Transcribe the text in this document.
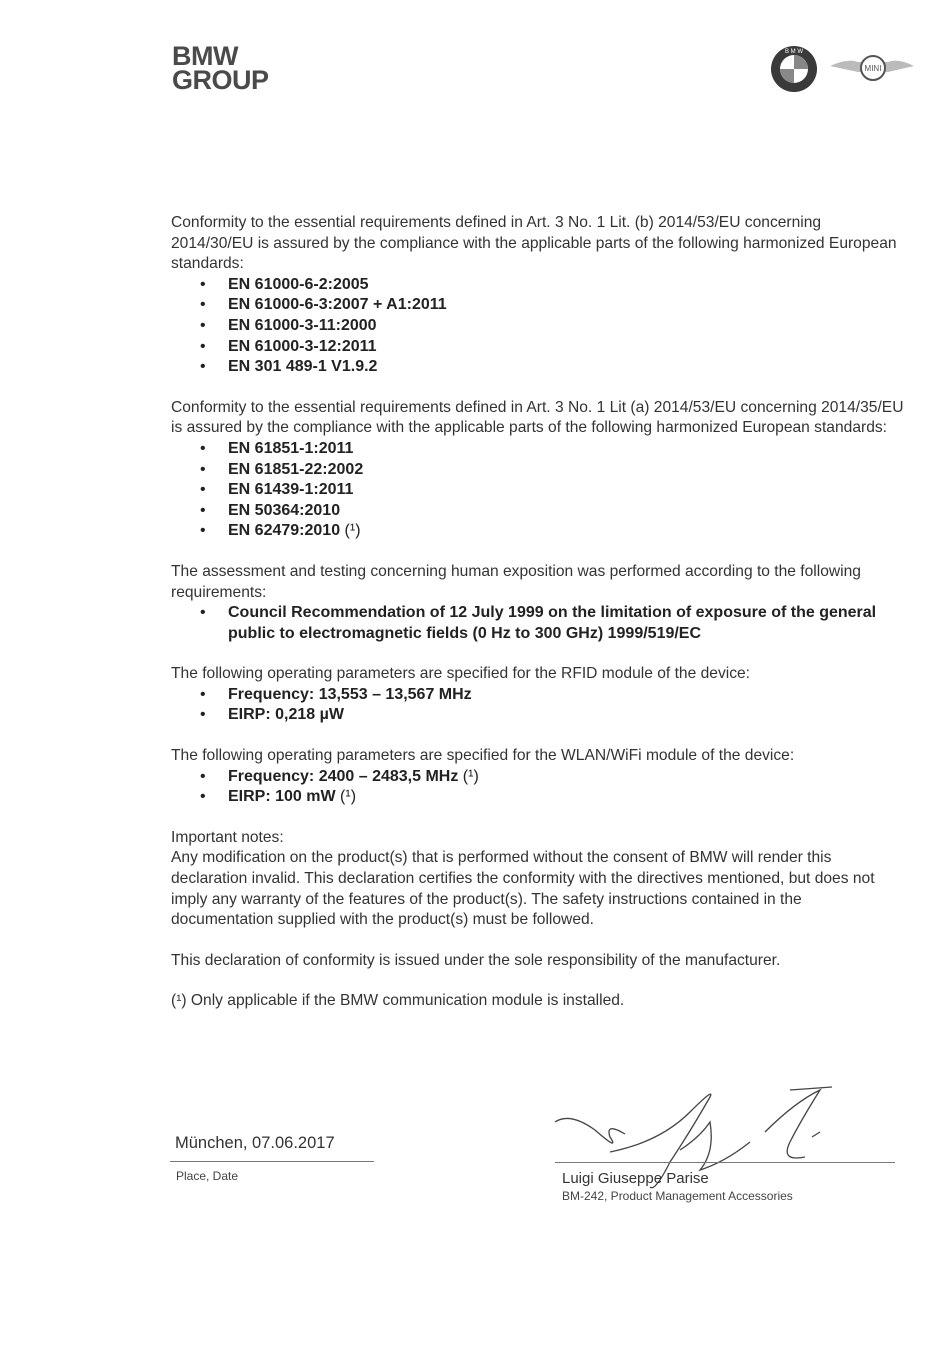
BMW
GROUP
B M W
MINI

Conformity to the essential requirements defined in Art. 3 No. 1 Lit. (b) 2014/53/EU concerning 2014/30/EU is assured by the compliance with the applicable parts of the following harmonized European standards:

• EN 61000-6-2:2005
• EN 61000-6-3:2007 + A1:2011
• EN 61000-3-11:2000
• EN 61000-3-12:2011
• EN 301 489-1 V1.9.2

Conformity to the essential requirements defined in Art. 3 No. 1 Lit (a) 2014/53/EU concerning 2014/35/EU is assured by the compliance with the applicable parts of the following harmonized European standards:

• EN 61851-1:2011
• EN 61851-22:2002
• EN 61439-1:2011
• EN 50364:2010
• EN 62479:2010 (¹)

The assessment and testing concerning human exposition was performed according to the following requirements:

• Council Recommendation of 12 July 1999 on the limitation of exposure of the general public to electromagnetic fields (0 Hz to 300 GHz) 1999/519/EC

The following operating parameters are specified for the RFID module of the device:

• Frequency: 13,553 – 13,567 MHz
• EIRP: 0,218 µW

The following operating parameters are specified for the WLAN/WiFi module of the device:

• Frequency: 2400 – 2483,5 MHz (¹)
• EIRP: 100 mW (¹)

Important notes:

Any modification on the product(s) that is performed without the consent of BMW will render this declaration invalid. This declaration certifies the conformity with the directives mentioned, but does not imply any warranty of the features of the product(s). The safety instructions contained in the documentation supplied with the product(s) must be followed.

This declaration of conformity is issued under the sole responsibility of the manufacturer.

(¹) Only applicable if the BMW communication module is installed.

München, 07.06.2017
Place, Date	Luigi Giuseppe Parise
BM-242, Product Management Accessories
